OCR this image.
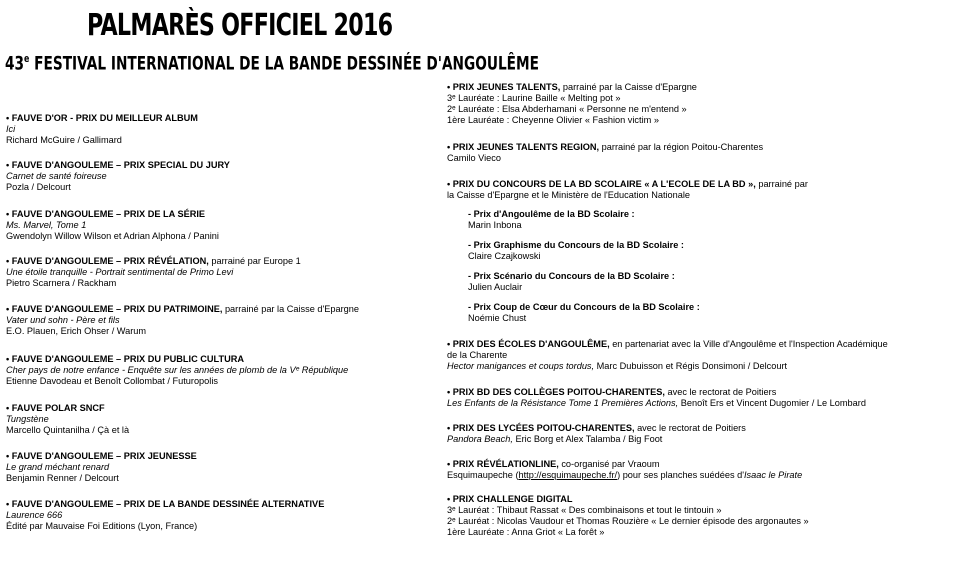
PALMARÈS OFFICIEL 2016
43e FESTIVAL INTERNATIONAL DE LA BANDE DESSINÉE D'ANGOULÊME
• FAUVE D'OR - PRIX DU MEILLEUR ALBUM
Ici
Richard McGuire / Gallimard
• FAUVE D'ANGOULEME – PRIX SPECIAL DU JURY
Carnet de santé foireuse
Pozla / Delcourt
• FAUVE D'ANGOULEME – PRIX DE LA SÉRIE
Ms. Marvel, Tome 1
Gwendolyn Willow Wilson et Adrian Alphona / Panini
• FAUVE D'ANGOULEME – PRIX RÉVÉLATION, parrainé par Europe 1
Une étoile tranquille - Portrait sentimental de Primo Levi
Pietro Scarnera / Rackham
• FAUVE D'ANGOULEME – PRIX DU PATRIMOINE, parrainé par la Caisse d'Epargne
Vater und sohn - Père et fils
E.O. Plauen, Erich Ohser / Warum
• FAUVE D'ANGOULEME – PRIX DU PUBLIC CULTURA
Cher pays de notre enfance - Enquête sur les années de plomb de la Vᵉ République
Etienne Davodeau et Benoît Collombat / Futuropolis
• FAUVE POLAR SNCF
Tungstène
Marcello Quintanilha / Çà et là
• FAUVE D'ANGOULEME – PRIX JEUNESSE
Le grand méchant renard
Benjamin Renner / Delcourt
• FAUVE D'ANGOULEME – PRIX DE LA BANDE DESSINÉE ALTERNATIVE
Laurence 666
Édité par Mauvaise Foi Editions (Lyon, France)
• PRIX JEUNES TALENTS, parrainé par la Caisse d'Epargne
3ᵉ Lauréate : Laurine Baille « Melting pot »
2ᵉ Lauréate : Elsa Abderhamani « Personne ne m'entend »
1ère Lauréate : Cheyenne Olivier « Fashion victim »
• PRIX JEUNES TALENTS REGION, parrainé par la région Poitou-Charentes
Camilo Vieco
• PRIX DU CONCOURS DE LA BD SCOLAIRE « A L'ECOLE DE LA BD », parrainé par
la Caisse d'Epargne et le Ministère de l'Education Nationale
- Prix d'Angoulême de la BD Scolaire :
Marin Inbona
- Prix Graphisme du Concours de la BD Scolaire :
Claire Czajkowski
- Prix Scénario du Concours de la BD Scolaire :
Julien Auclair
- Prix Coup de Cœur du Concours de la BD Scolaire :
Noémie Chust
• PRIX DES ÉCOLES D'ANGOULÊME, en partenariat avec la Ville d'Angoulême et l'Inspection Académique
de la Charente
Hector manigances et coups tordus, Marc Dubuisson et Régis Donsimoni / Delcourt
• PRIX BD DES COLLÈGES POITOU-CHARENTES, avec le rectorat de Poitiers
Les Enfants de la Résistance Tome 1 Premières Actions, Benoît Ers et Vincent Dugomier / Le Lombard
• PRIX DES LYCÉES POITOU-CHARENTES, avec le rectorat de Poitiers
Pandora Beach, Eric Borg et Alex Talamba / Big Foot
• PRIX RÉVÉLATIONLINE, co-organisé par Vraoum
Esquimaupeche (http://esquimaupeche.fr/) pour ses planches suédées d'Isaac le Pirate
• PRIX CHALLENGE DIGITAL
3ᵉ Lauréat : Thibaut Rassat « Des combinaisons et tout le tintouin »
2ᵉ Lauréat : Nicolas Vaudour et Thomas Rouzière « Le dernier épisode des argonautes »
1ère Lauréate : Anna Griot « La forêt »
